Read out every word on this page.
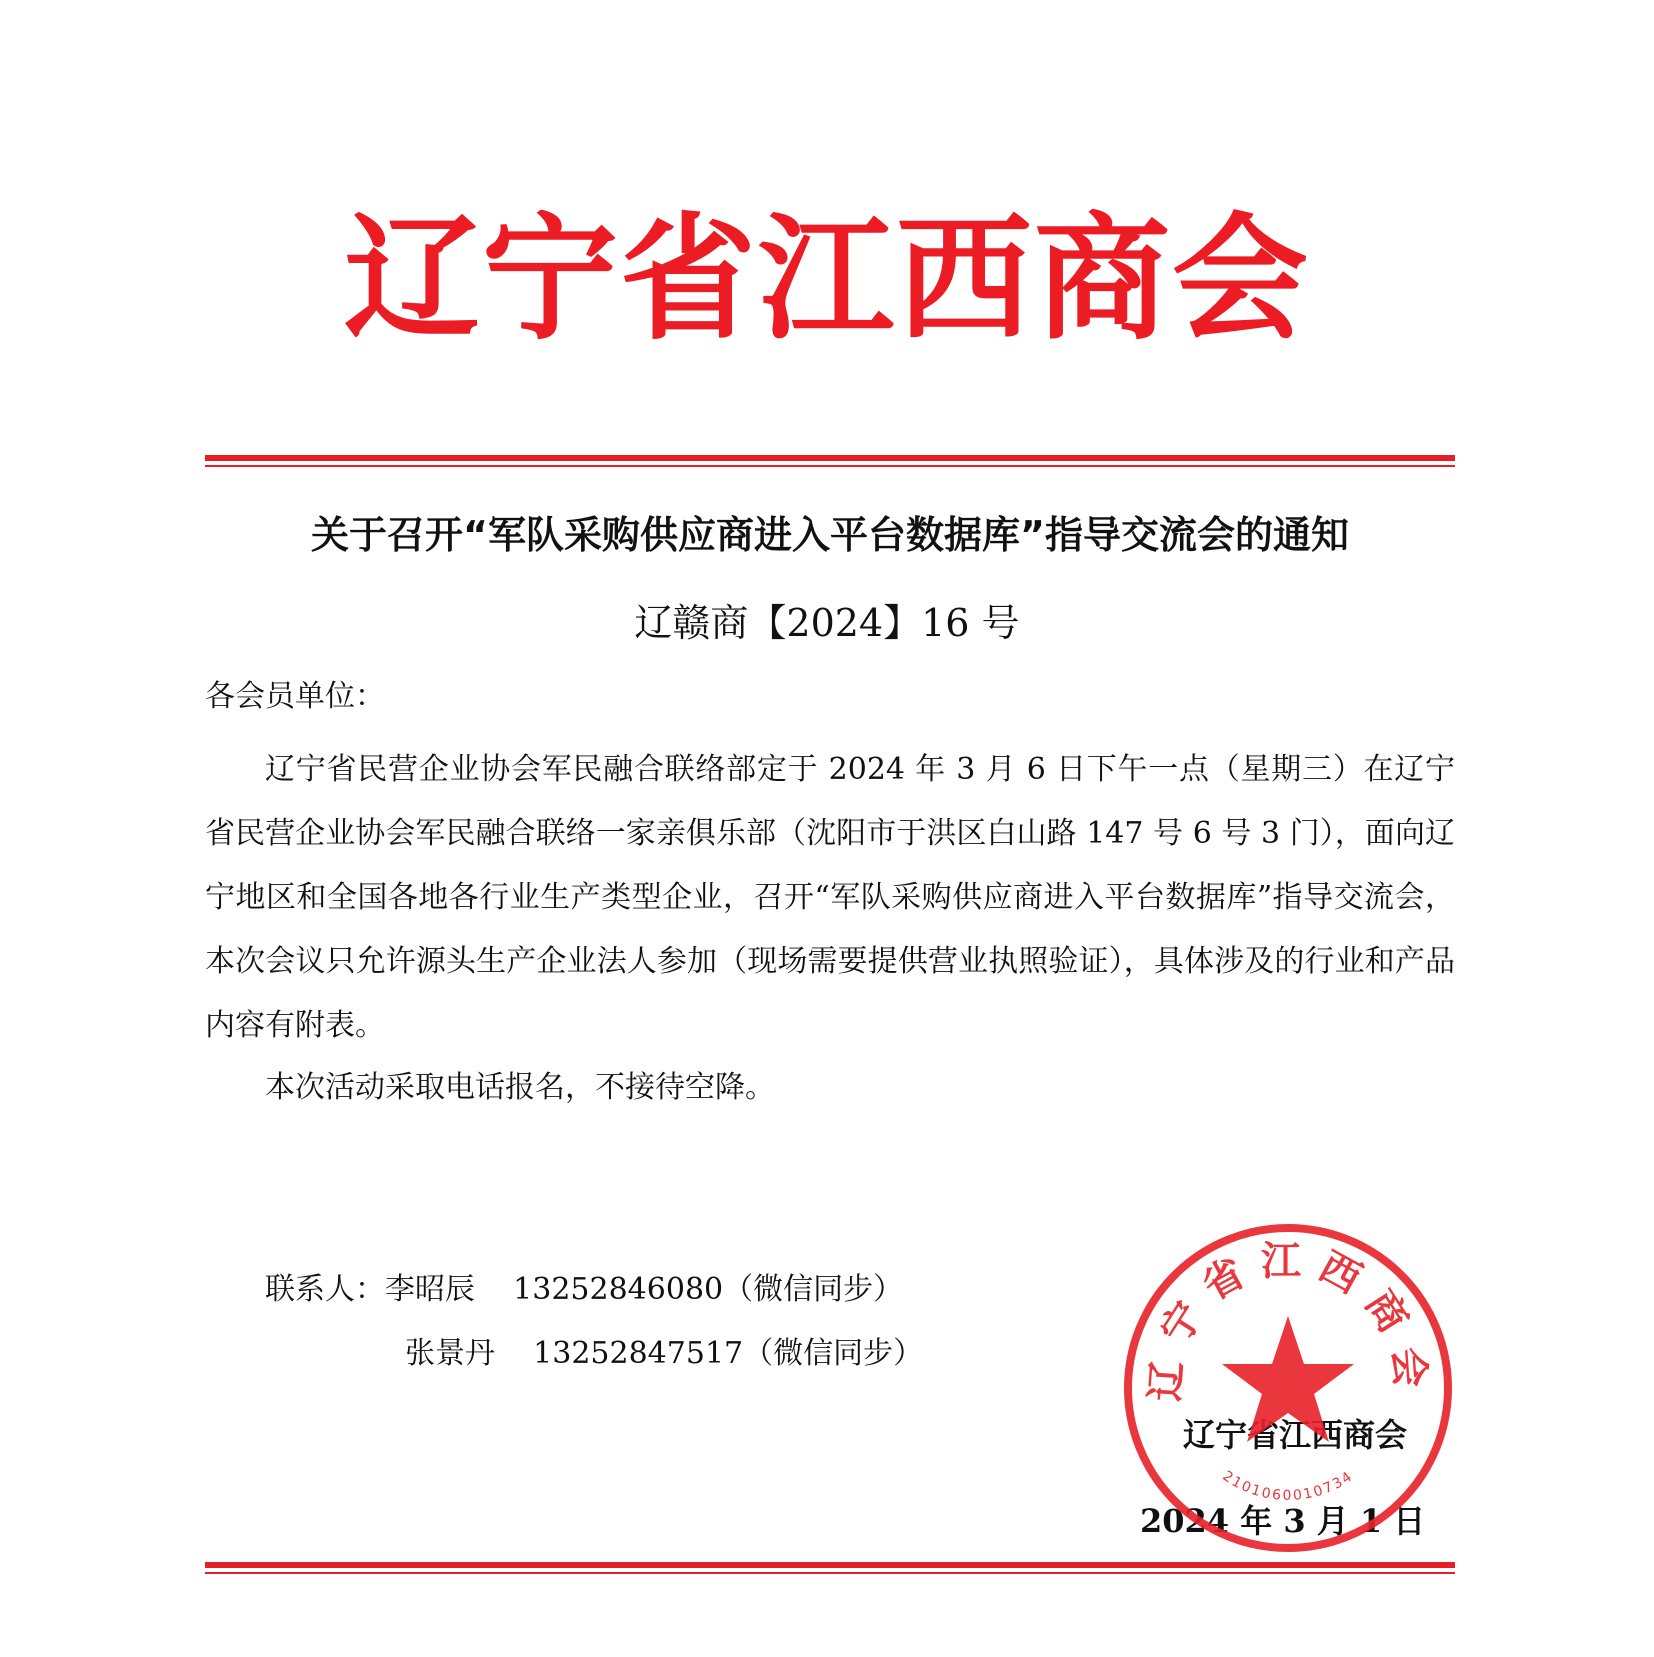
辽宁省江西商会
关于召开“军队采购供应商进入平台数据库”指导交流会的通知
辽赣商【2024】16 号
各会员单位：
辽宁省民营企业协会军民融合联络部定于 2024 年 3 月 6 日下午一点（星期三）在辽宁省民营企业协会军民融合联络一家亲俱乐部（沈阳市于洪区白山路 147 号 6 号 3 门），面向辽宁地区和全国各地各行业生产类型企业，召开“军队采购供应商进入平台数据库”指导交流会，本次会议只允许源头生产企业法人参加（现场需要提供营业执照验证），具体涉及的行业和产品内容有附表。
本次活动采取电话报名，不接待空降。
联系人：李昭辰 13252846080（微信同步）
张景丹 13252847517（微信同步）
辽宁省江西商会
2024 年 3 月 1 日
辽宁省江西商会
2101060010734
